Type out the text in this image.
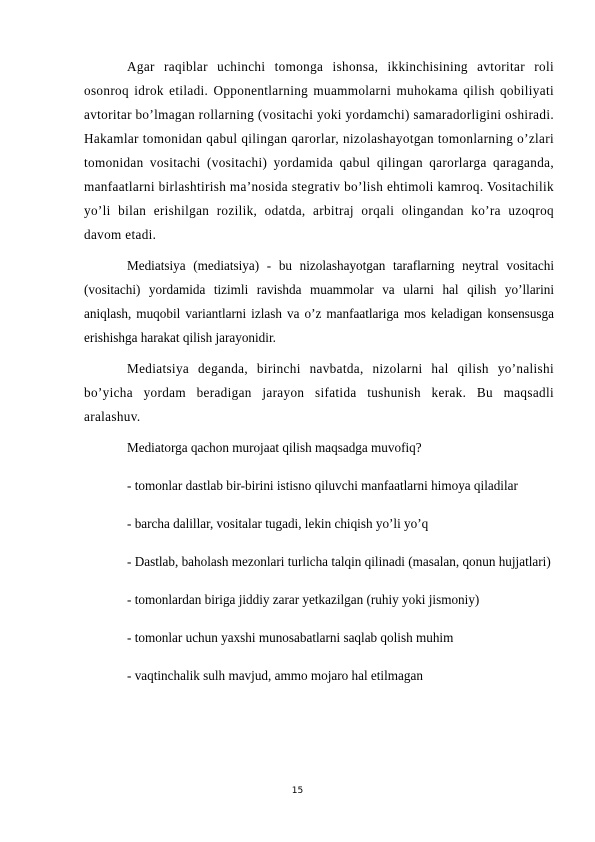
Agar raqiblar uchinchi tomonga ishonsa, ikkinchisining avtoritar roli osonroq idrok etiladi. Opponentlarning muammolarni muhokama qilish qobiliyati avtoritar bo’lmagan rollarning (vositachi yoki yordamchi) samaradorligini oshiradi. Hakamlar tomonidan qabul qilingan qarorlar, nizolashayotgan tomonlarning o’zlari tomonidan vositachi (vositachi) yordamida qabul qilingan qarorlarga qaraganda, manfaatlarni birlashtirish ma’nosida stegrativ bo’lish ehtimoli kamroq. Vositachilik yo’li bilan erishilgan rozilik, odatda, arbitraj orqali olingandan ko’ra uzoqroq davom etadi.

Mediatsiya (mediatsiya) - bu nizolashayotgan taraflarning neytral vositachi (vositachi) yordamida tizimli ravishda muammolar va ularni hal qilish yo’llarini aniqlash, muqobil variantlarni izlash va o’z manfaatlariga mos keladigan konsensusga erishishga harakat qilish jarayonidir.

Mediatsiya deganda, birinchi navbatda, nizolarni hal qilish yo’nalishi bo’yicha yordam beradigan jarayon sifatida tushunish kerak. Bu maqsadli aralashuv.

Mediatorga qachon murojaat qilish maqsadga muvofiq?

- tomonlar dastlab bir-birini istisno qiluvchi manfaatlarni himoya qiladilar

- barcha dalillar, vositalar tugadi, lekin chiqish yo’li yo’q

- Dastlab, baholash mezonlari turlicha talqin qilinadi (masalan, qonun hujjatlari)

- tomonlardan biriga jiddiy zarar yetkazilgan (ruhiy yoki jismoniy)

- tomonlar uchun yaxshi munosabatlarni saqlab qolish muhim

- vaqtinchalik sulh mavjud, ammo mojaro hal etilmagan

15
